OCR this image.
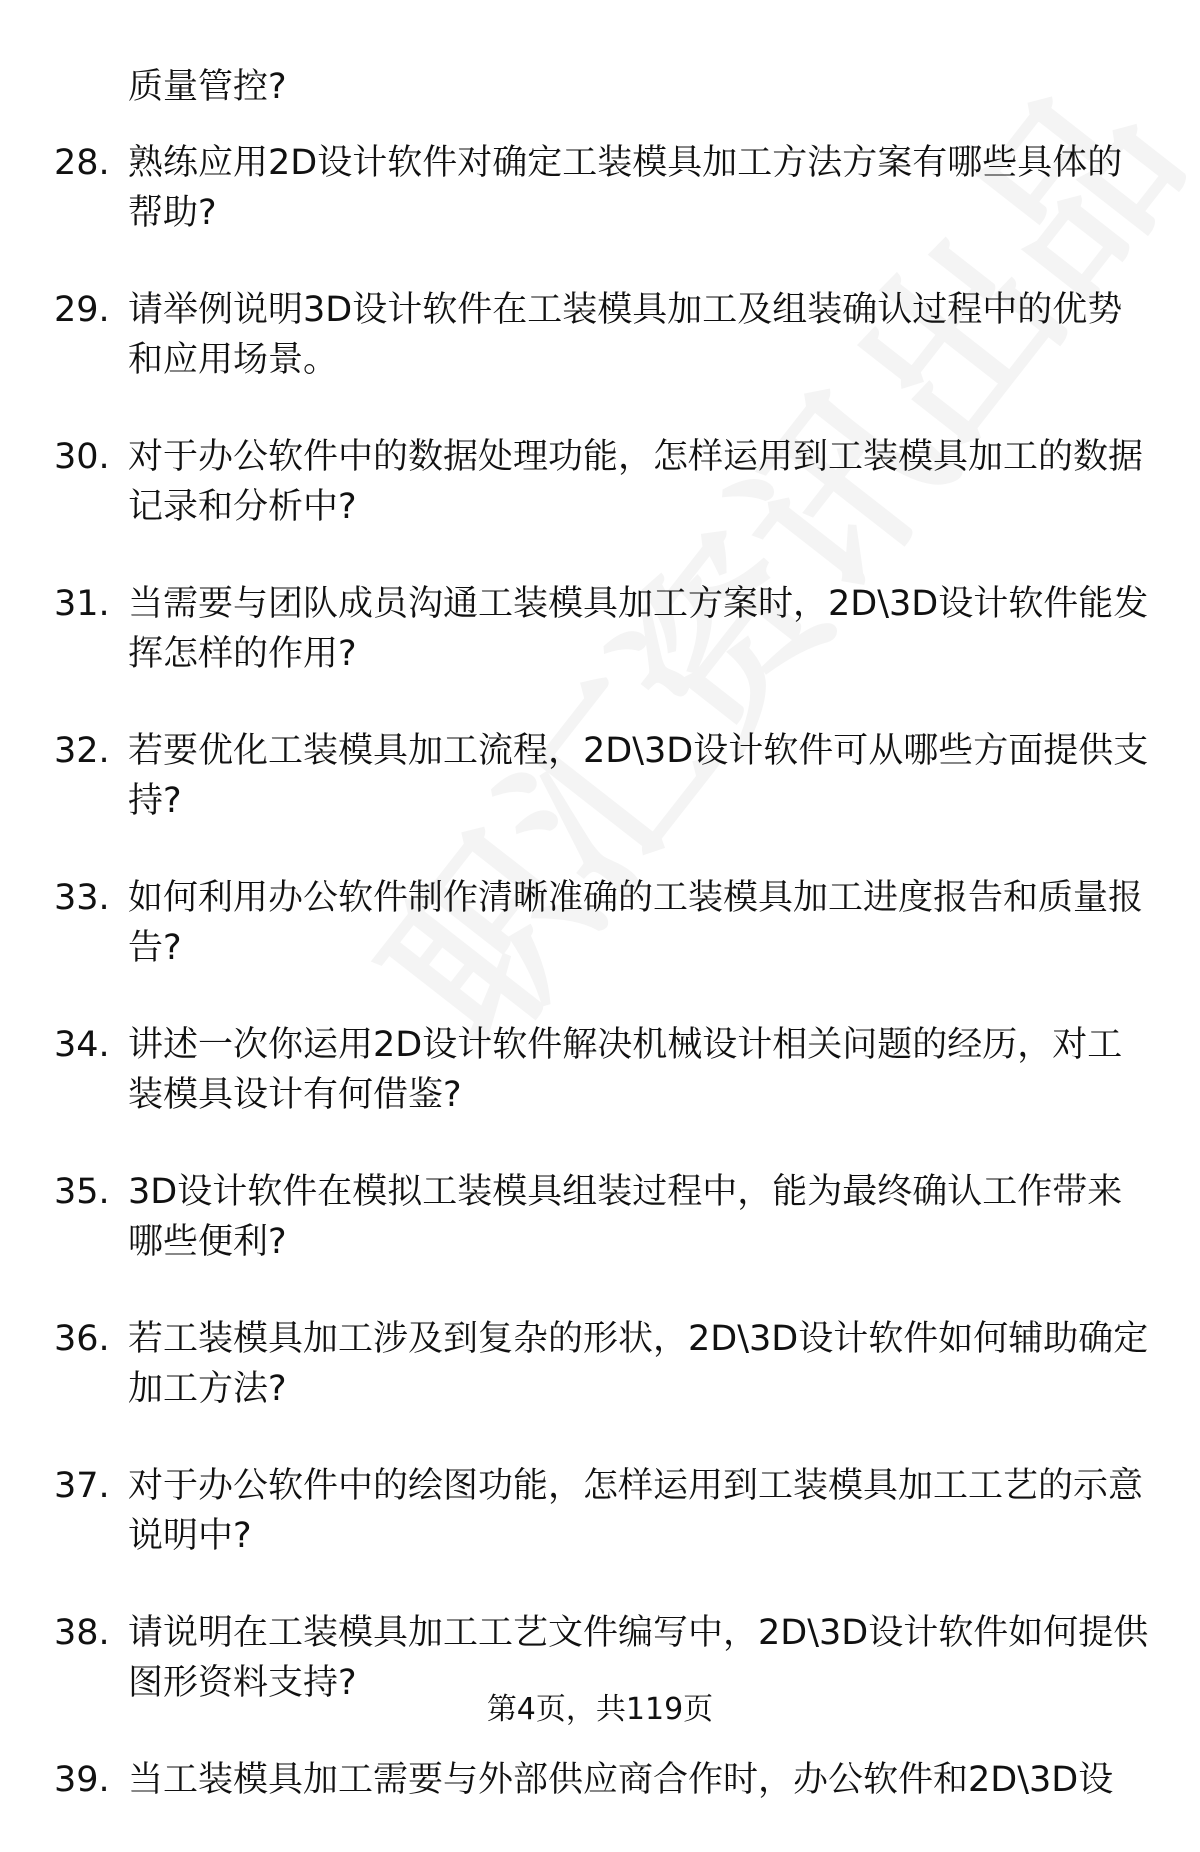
质量管控?

28. 熟练应用2D设计软件对确定工装模具加工方法方案有哪些具体的帮助?
29. 请举例说明3D设计软件在工装模具加工及组装确认过程中的优势和应用场景。
30. 对于办公软件中的数据处理功能，怎样运用到工装模具加工的数据记录和分析中?
31. 当需要与团队成员沟通工装模具加工方案时，2D\3D设计软件能发挥怎样的作用?
32. 若要优化工装模具加工流程，2D\3D设计软件可从哪些方面提供支持?
33. 如何利用办公软件制作清晰准确的工装模具加工进度报告和质量报告?
34. 讲述一次你运用2D设计软件解决机械设计相关问题的经历，对工装模具设计有何借鉴?
35. 3D设计软件在模拟工装模具组装过程中，能为最终确认工作带来哪些便利?
36. 若工装模具加工涉及到复杂的形状，2D\3D设计软件如何辅助确定加工方法?
37. 对于办公软件中的绘图功能，怎样运用到工装模具加工工艺的示意说明中?
38. 请说明在工装模具加工工艺文件编写中，2D\3D设计软件如何提供图形资料支持?
39. 当工装模具加工需要与外部供应商合作时，办公软件和2D\3D设
第4页，共119页
